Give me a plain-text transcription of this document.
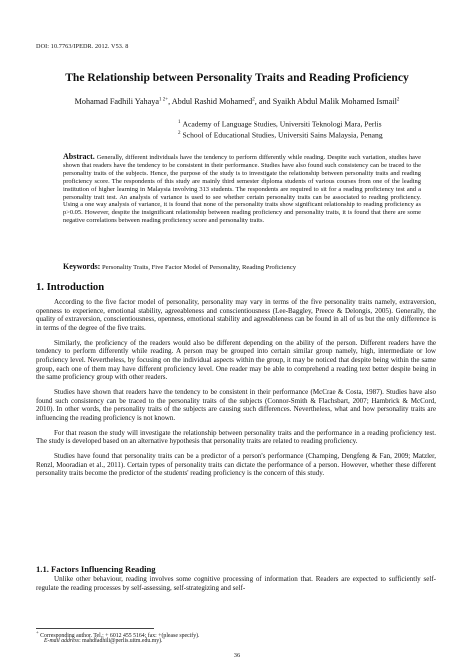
DOI: 10.7763/IPEDR. 2012. V53. 8
The Relationship between Personality Traits and Reading Proficiency
Mohamad Fadhili Yahaya$^{1 2+}$, Abdul Rashid Mohamed$^2$, and Syaikh Abdul Malik Mohamed Ismail$^2$
$^1$ Academy of Language Studies, Universiti Teknologi Mara, Perlis
$^2$ School of Educational Studies, Universiti Sains Malaysia, Penang
Abstract. Generally, different individuals have the tendency to perform differently while reading. Despite such variation, studies have shown that readers have the tendency to be consistent in their performance. Studies have also found such consistency can be traced to the personality traits of the subjects. Hence, the purpose of the study is to investigate the relationship between personality traits and reading proficiency score. The respondents of this study are mainly third semester diploma students of various courses from one of the leading institution of higher learning in Malaysia involving 313 students. The respondents are required to sit for a reading proficiency test and a personality trait test. An analysis of variance is used to see whether certain personality traits can be associated to reading proficiency. Using a one way analysis of variance, it is found that none of the personality traits show significant relationship to reading proficiency as p>0.05. However, despite the insignificant relationship between reading proficiency and personality traits, it is found that there are some negative correlations between reading proficiency score and personality traits.
Keywords: Personality Traits, Five Factor Model of Personality, Reading Proficiency
1. Introduction

According to the five factor model of personality, personality may vary in terms of the five personality traits namely, extraversion, openness to experience, emotional stability, agreeableness and conscientiousness (Lee-Baggley, Preece & Delongis, 2005). Generally, the quality of extraversion, conscientiousness, openness, emotional stability and agreeableness can be found in all of us but the only difference is in terms of the degree of the five traits.

Similarly, the proficiency of the readers would also be different depending on the ability of the person. Different readers have the tendency to perform differently while reading. A person may be grouped into certain similar group namely, high, intermediate or low proficiency level. Nevertheless, by focusing on the individual aspects within the group, it may be noticed that despite being within the same group, each one of them may have different proficiency level. One reader may be able to comprehend a reading text better despite being in the same proficiency group with other readers.

Studies have shown that readers have the tendency to be consistent in their performance (McCrae & Costa, 1987). Studies have also found such consistency can be traced to the personality traits of the subjects (Connor-Smith & Flachsbart, 2007; Hambrick & McCord, 2010). In other words, the personality traits of the subjects are causing such differences. Nevertheless, what and how personality traits are influencing the reading proficiency is not known.

For that reason the study will investigate the relationship between personality traits and the performance in a reading proficiency test. The study is developed based on an alternative hypothesis that personality traits are related to reading proficiency.

Studies have found that personality traits can be a predictor of a person's performance (Champing, Dengfeng & Fan, 2009; Matzler, Renzl, Mooradian et al., 2011). Certain types of personality traits can dictate the performance of a person. However, whether these different personality traits become the predictor of the students' reading proficiency is the concern of this study.

1.1. Factors Influencing Reading

Unlike other behaviour, reading involves some cognitive processing of information that. Readers are expected to sufficiently self-regulate the reading processes by self-assessing, self-strategizing and self-

+ Corresponding author. Tel.: + 6012 455 5164; fax: +(please specify).
E-mail address: mahdfadhili@perlis.uitm.edu.my).
36
